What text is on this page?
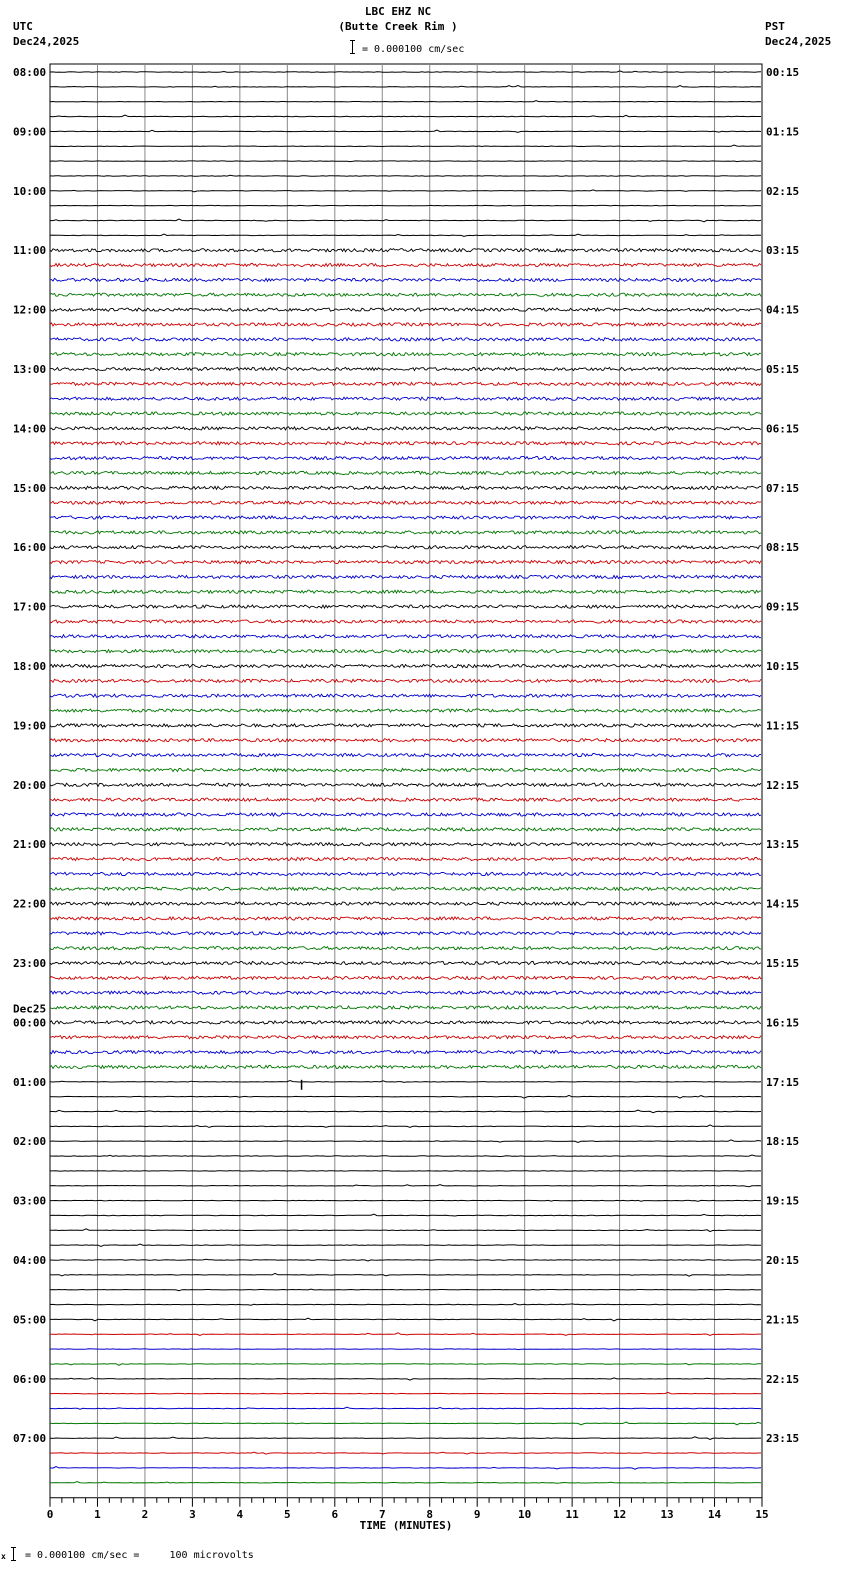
LBC EHZ NC
(Butte Creek Rim )
= 0.000100 cm/sec
UTC
Dec24,2025
PST
Dec24,2025
08:00
09:00
10:00
11:00
12:00
13:00
14:00
15:00
16:00
17:00
18:00
19:00
20:00
21:00
22:00
23:00
00:00
Dec25
01:00
02:00
03:00
04:00
05:00
06:00
07:00
00:15
01:15
02:15
03:15
04:15
05:15
06:15
07:15
08:15
09:15
10:15
11:15
12:15
13:15
14:15
15:15
16:15
17:15
18:15
19:15
20:15
21:15
22:15
23:15
0	1	2	3	4	5	6	7	8	9	10	11	12	13	14	15
TIME (MINUTES)
x = 0.000100 cm/sec =     100 microvolts
